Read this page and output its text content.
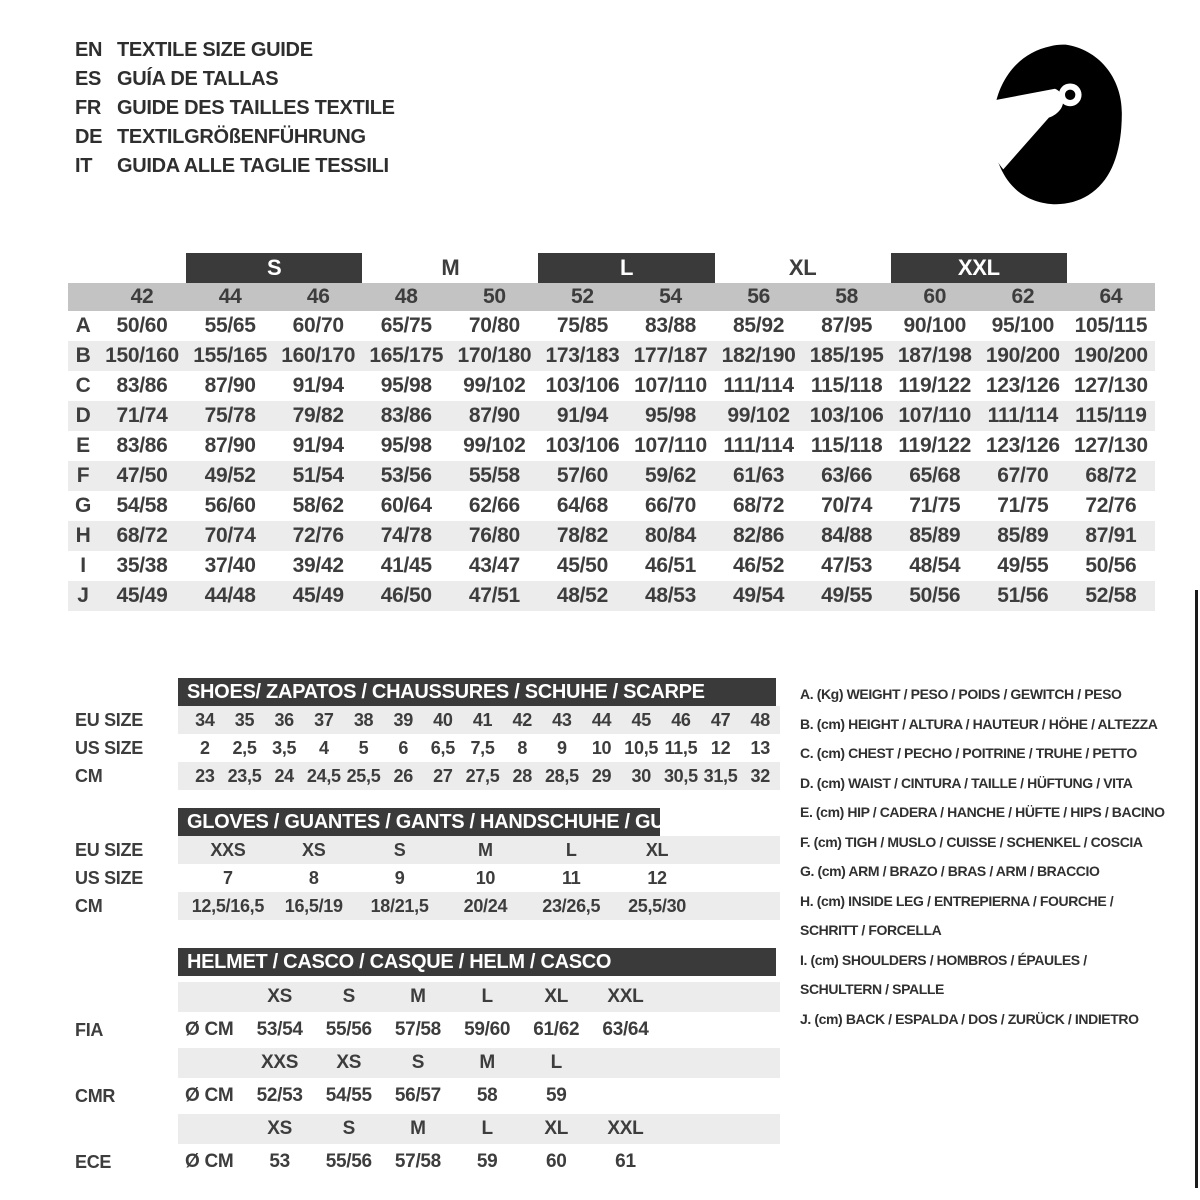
EN TEXTILE SIZE GUIDE
ES GUÍA DE TALLAS
FR GUIDE DES TAILLES TEXTILE
DE TEXTILGRÖßENFÜHRUNG
IT	GUIDA ALLE TAGLIE TESSILI
S	M	L	XL	XXL
42	44	46	48	50	52	54	56	58	60	62	64
A	50/60	55/65	60/70	65/75	70/80	75/85	83/88	85/92	87/95	90/100	95/100 105/115
B 150/160 155/165 160/170 165/175 170/180 173/183 177/187 182/190 185/195 187/198 190/200 190/200
C	83/86	87/90	91/94	95/98	99/102 103/106 107/110 111/114 115/118 119/122 123/126 127/130
D	71/74	75/78	79/82	83/86	87/90	91/94	95/98	99/102 103/106 107/110 111/114 115/119
E	83/86	87/90	91/94	95/98	99/102 103/106 107/110 111/114 115/118 119/122 123/126 127/130
F	47/50	49/52	51/54	53/56	55/58	57/60	59/62	61/63	63/66	65/68	67/70	68/72
G	54/58	56/60	58/62	60/64	62/66	64/68	66/70	68/72	70/74	71/75	71/75	72/76
H	68/72	70/74	72/76	74/78	76/80	78/82	80/84	82/86	84/88	85/89	85/89	87/91
I	35/38	37/40	39/42	41/45	43/47	45/50	46/51	46/52	47/53	48/54	49/55	50/56
J	45/49	44/48	45/49	46/50	47/51	48/52	48/53	49/54	49/55	50/56	51/56	52/58
SHOES/ ZAPATOS / CHAUSSURES / SCHUHE / SCARPE
EU SIZE	34	35	36	37	38	39	40	41	42	43	44	45	46	47	48
US SIZE	2	2,5 3,5	4	5	6	6,5 7,5	8	9	10 10,5 11,5 12	13
CM	23 23,5 24 24,5 25,5 26	27 27,5 28 28,5 29	30 30,5 31,5 32
GLOVES / GUANTES / GANTS / HANDSCHUHE / GUANTI
EU SIZE	XXS	XS	S	M	L	XL
US SIZE	7	8	9	10	11	12
CM	12,5/16,5	16,5/19	18/21,5	20/24	23/26,5	25,5/30
HELMET / CASCO / CASQUE / HELM / CASCO
XS	S	M	L	XL	XXL
FIA	Ø CM	53/54	55/56	57/58	59/60	61/62	63/64
XXS	XS	S	M	L
CMR	Ø CM	52/53	54/55	56/57	58	59
XS	S	M	L	XL	XXL
ECE	Ø CM	53	55/56	57/58	59	60	61
A. (Kg) WEIGHT / PESO / POIDS / GEWITCH / PESO
B. (cm) HEIGHT / ALTURA / HAUTEUR / HÖHE / ALTEZZA
C. (cm) CHEST / PECHO / POITRINE / TRUHE / PETTO
D. (cm) WAIST / CINTURA / TAILLE / HÜFTUNG / VITA
E. (cm) HIP / CADERA / HANCHE / HÜFTE / HIPS / BACINO
F. (cm) TIGH / MUSLO / CUISSE / SCHENKEL / COSCIA
G. (cm) ARM / BRAZO / BRAS / ARM / BRACCIO
H. (cm) INSIDE LEG / ENTREPIERNA / FOURCHE /
SCHRITT / FORCELLA
I. (cm) SHOULDERS / HOMBROS / ÉPAULES /
SCHULTERN / SPALLE
J. (cm) BACK / ESPALDA / DOS / ZURÜCK / INDIETRO
